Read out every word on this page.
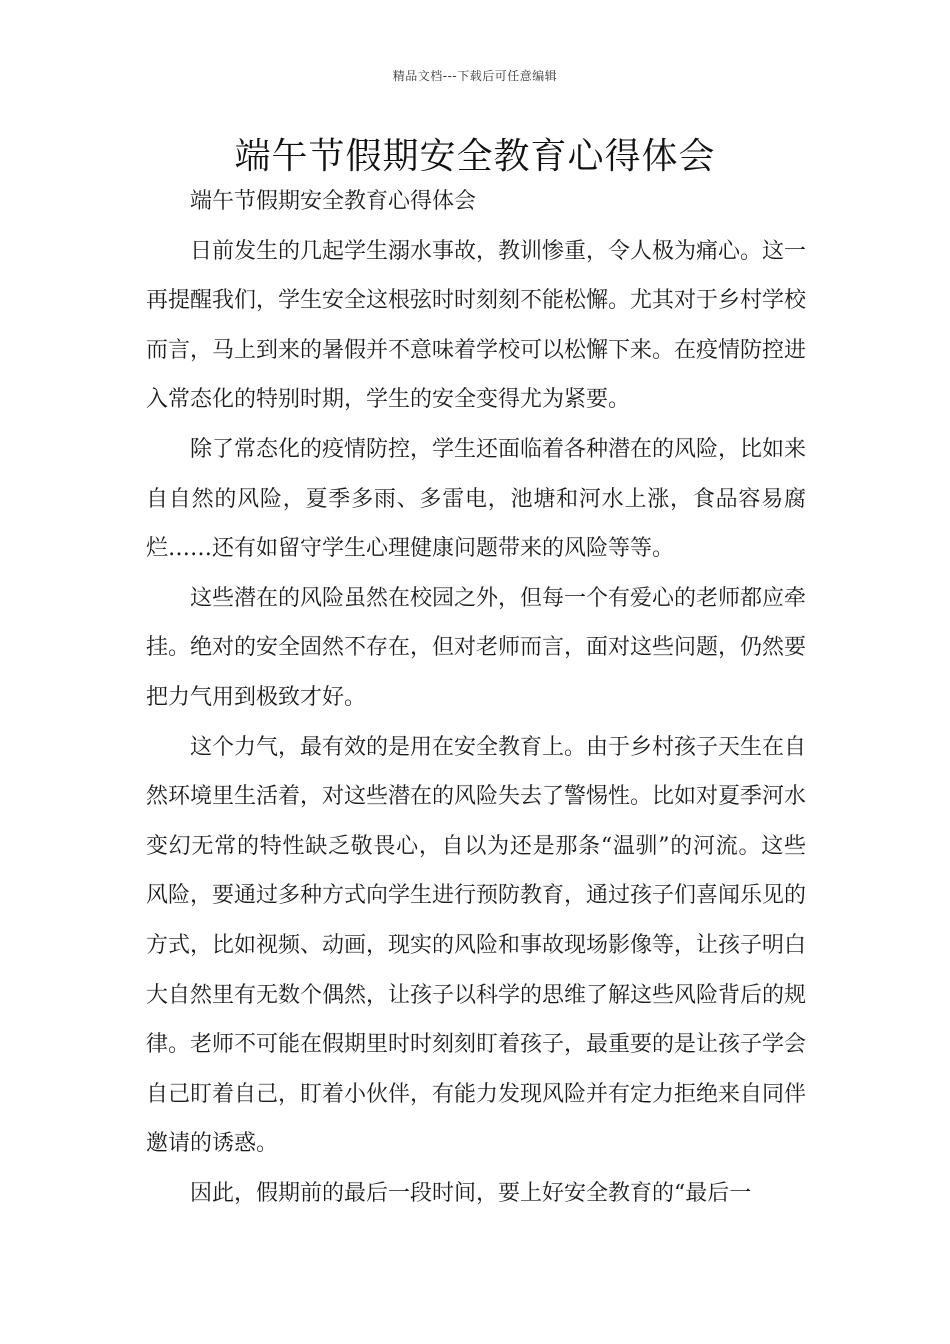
精品文档---下载后可任意编辑
端午节假期安全教育心得体会

端午节假期安全教育心得体会

日前发生的几起学生溺水事故，教训惨重，令人极为痛心。这一再提醒我们，学生安全这根弦时时刻刻不能松懈。尤其对于乡村学校而言，马上到来的暑假并不意味着学校可以松懈下来。在疫情防控进入常态化的特别时期，学生的安全变得尤为紧要。

除了常态化的疫情防控，学生还面临着各种潜在的风险，比如来自自然的风险，夏季多雨、多雷电，池塘和河水上涨，食品容易腐烂……还有如留守学生心理健康问题带来的风险等等。

这些潜在的风险虽然在校园之外，但每一个有爱心的老师都应牵挂。绝对的安全固然不存在，但对老师而言，面对这些问题，仍然要把力气用到极致才好。

这个力气，最有效的是用在安全教育上。由于乡村孩子天生在自然环境里生活着，对这些潜在的风险失去了警惕性。比如对夏季河水变幻无常的特性缺乏敬畏心，自以为还是那条“温驯”的河流。这些风险，要通过多种方式向学生进行预防教育，通过孩子们喜闻乐见的方式，比如视频、动画，现实的风险和事故现场影像等，让孩子明白大自然里有无数个偶然，让孩子以科学的思维了解这些风险背后的规律。老师不可能在假期里时时刻刻盯着孩子，最重要的是让孩子学会自己盯着自己，盯着小伙伴，有能力发现风险并有定力拒绝来自同伴邀请的诱惑。

因此，假期前的最后一段时间，要上好安全教育的“最后一
